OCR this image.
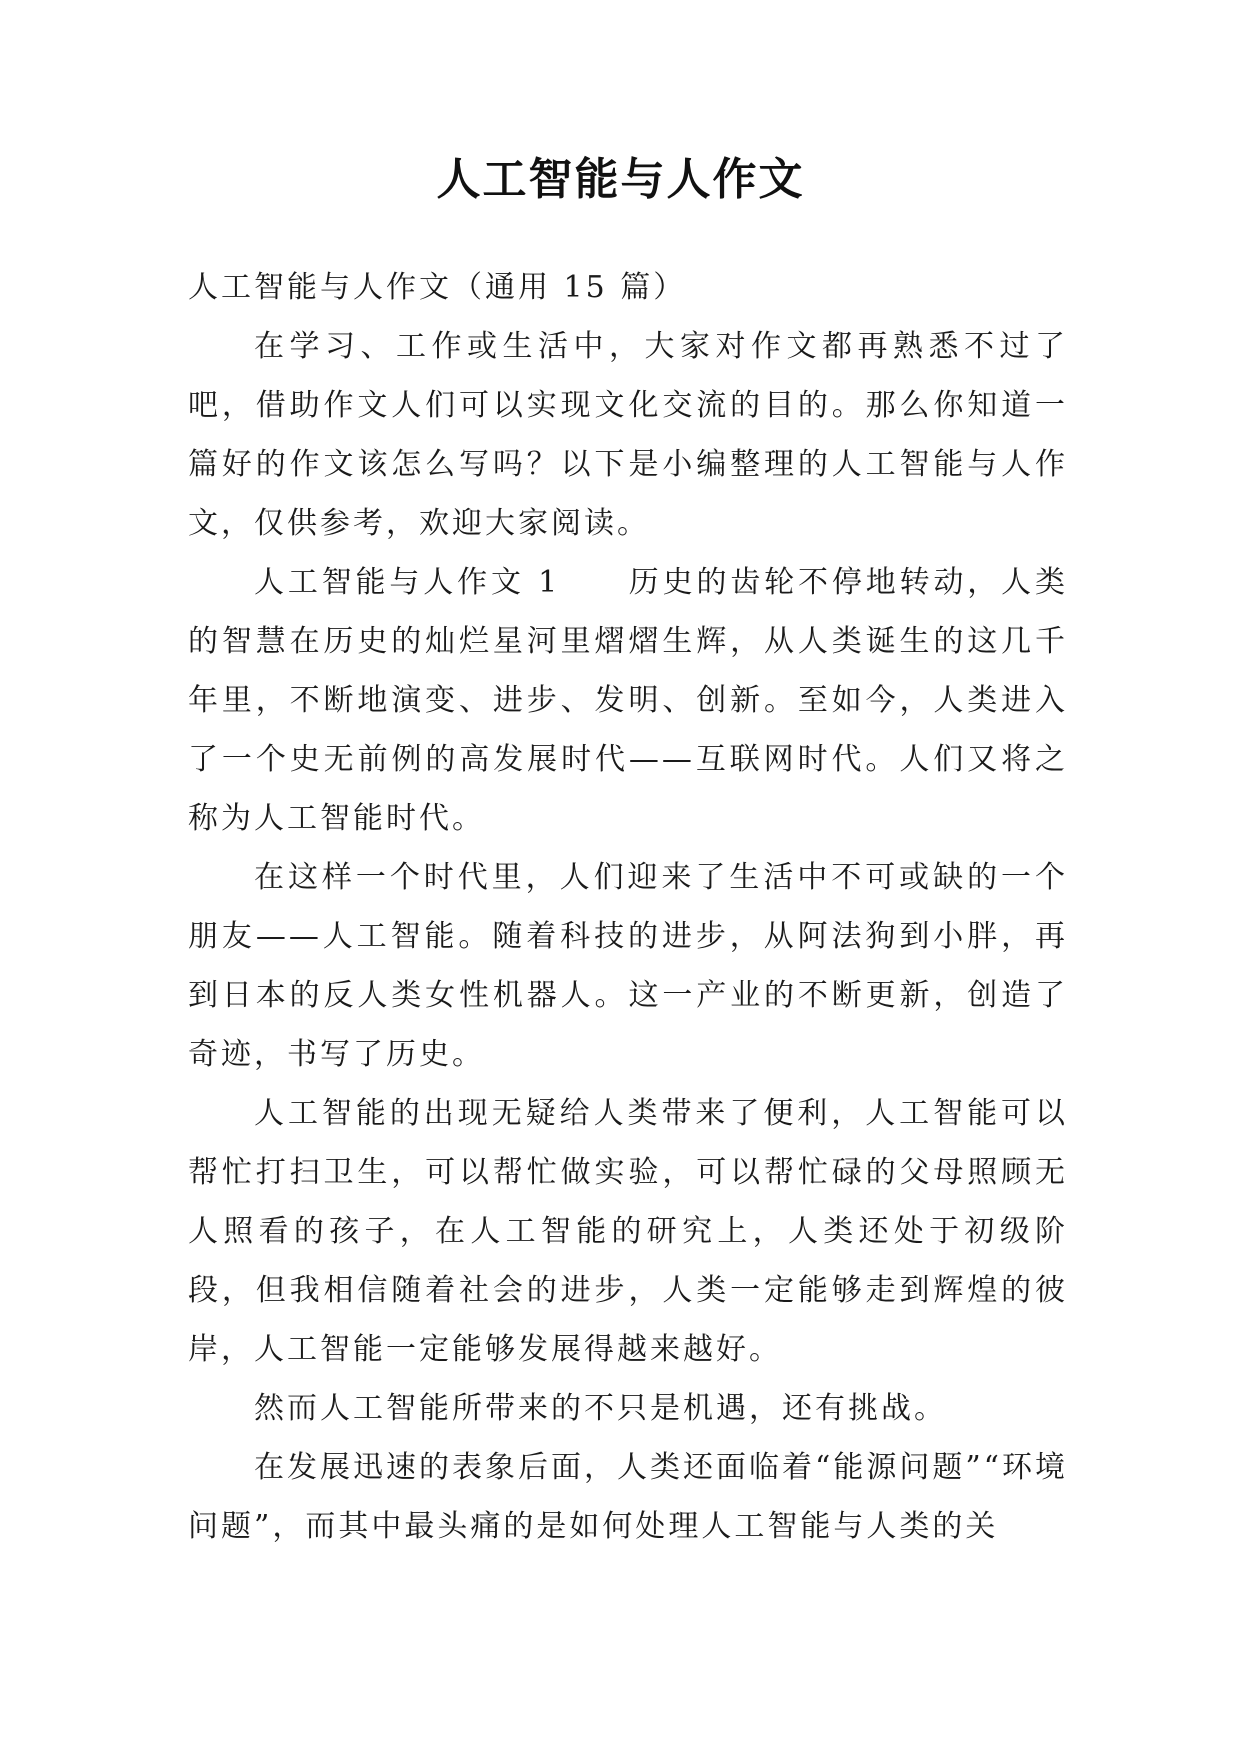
人工智能与人作文

人工智能与人作文（通用 15 篇）

在学习、工作或生活中，大家对作文都再熟悉不过了吧，借助作文人们可以实现文化交流的目的。那么你知道一篇好的作文该怎么写吗？以下是小编整理的人工智能与人作文，仅供参考，欢迎大家阅读。

人工智能与人作文 1　　历史的齿轮不停地转动，人类的智慧在历史的灿烂星河里熠熠生辉，从人类诞生的这几千年里，不断地演变、进步、发明、创新。至如今，人类进入了一个史无前例的高发展时代——互联网时代。人们又将之称为人工智能时代。

在这样一个时代里，人们迎来了生活中不可或缺的一个朋友——人工智能。随着科技的进步，从阿法狗到小胖，再到日本的反人类女性机器人。这一产业的不断更新，创造了奇迹，书写了历史。

人工智能的出现无疑给人类带来了便利，人工智能可以帮忙打扫卫生，可以帮忙做实验，可以帮忙碌的父母照顾无人照看的孩子，在人工智能的研究上，人类还处于初级阶段，但我相信随着社会的进步，人类一定能够走到辉煌的彼岸，人工智能一定能够发展得越来越好。

然而人工智能所带来的不只是机遇，还有挑战。

在发展迅速的表象后面，人类还面临着“能源问题”“环境问题”，而其中最头痛的是如何处理人工智能与人类的关
